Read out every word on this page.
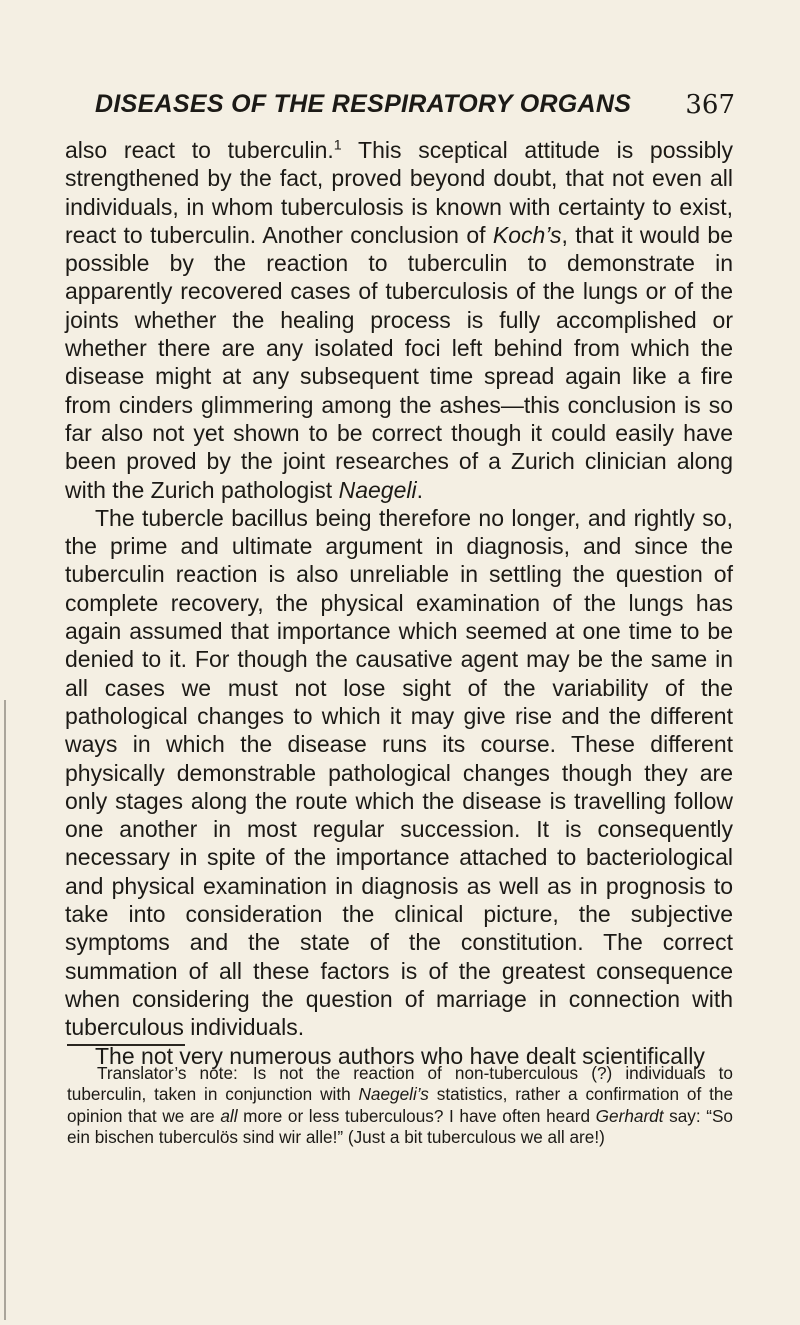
DISEASES OF THE RESPIRATORY ORGANS 367

also react to tuberculin.$^1$ This sceptical attitude is possibly strengthened by the fact, proved beyond doubt, that not even all individuals, in whom tuberculosis is known with certainty to exist, react to tuberculin. Another conclusion of Koch’s, that it would be possible by the reaction to tuberculin to demonstrate in apparently recovered cases of tuberculosis of the lungs or of the joints whether the healing process is fully accomplished or whether there are any isolated foci left behind from which the disease might at any subsequent time spread again like a fire from cinders glimmering among the ashes—this conclusion is so far also not yet shown to be correct though it could easily have been proved by the joint researches of a Zurich clinician along with the Zurich pathologist Naegeli.

The tubercle bacillus being therefore no longer, and rightly so, the prime and ultimate argument in diagnosis, and since the tuberculin reaction is also unreliable in settling the question of complete recovery, the physical examination of the lungs has again assumed that importance which seemed at one time to be denied to it. For though the causative agent may be the same in all cases we must not lose sight of the variability of the pathological changes to which it may give rise and the different ways in which the disease runs its course. These different physically demonstrable pathological changes though they are only stages along the route which the disease is travelling follow one another in most regular succession. It is consequently necessary in spite of the importance attached to bacteriological and physical examination in diagnosis as well as in prognosis to take into consideration the clinical picture, the subjective symptoms and the state of the constitution. The correct summation of all these factors is of the greatest consequence when considering the question of marriage in connection with tuberculous individuals.

The not very numerous authors who have dealt scientifically

Translator’s note: Is not the reaction of non-tuberculous (?) individuals to tuberculin, taken in conjunction with Naegeli’s statistics, rather a confirmation of the opinion that we are all more or less tuberculous? I have often heard Gerhardt say: “So ein bischen tuberculös sind wir alle!” (Just a bit tuberculous we all are!)
